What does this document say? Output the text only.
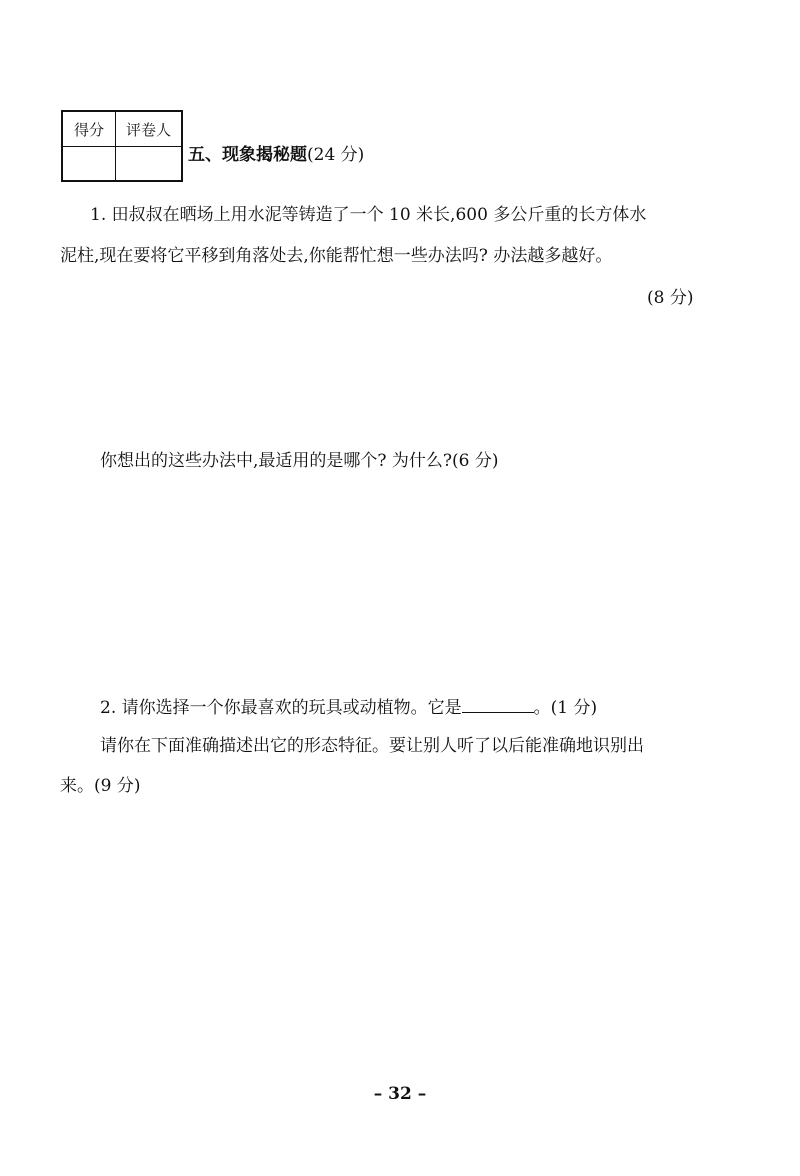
得分	评卷人

五、现象揭秘题(24 分)
1. 田叔叔在晒场上用水泥等铸造了一个 10 米长,600 多公斤重的长方体水
泥柱,现在要将它平移到角落处去,你能帮忙想一些办法吗? 办法越多越好。
(8 分)
你想出的这些办法中,最适用的是哪个? 为什么?(6 分)
2. 请你选择一个你最喜欢的玩具或动植物。它是	。(1 分)
请你在下面准确描述出它的形态特征。要让别人听了以后能准确地识别出
来。(9 分)
– 32 –
